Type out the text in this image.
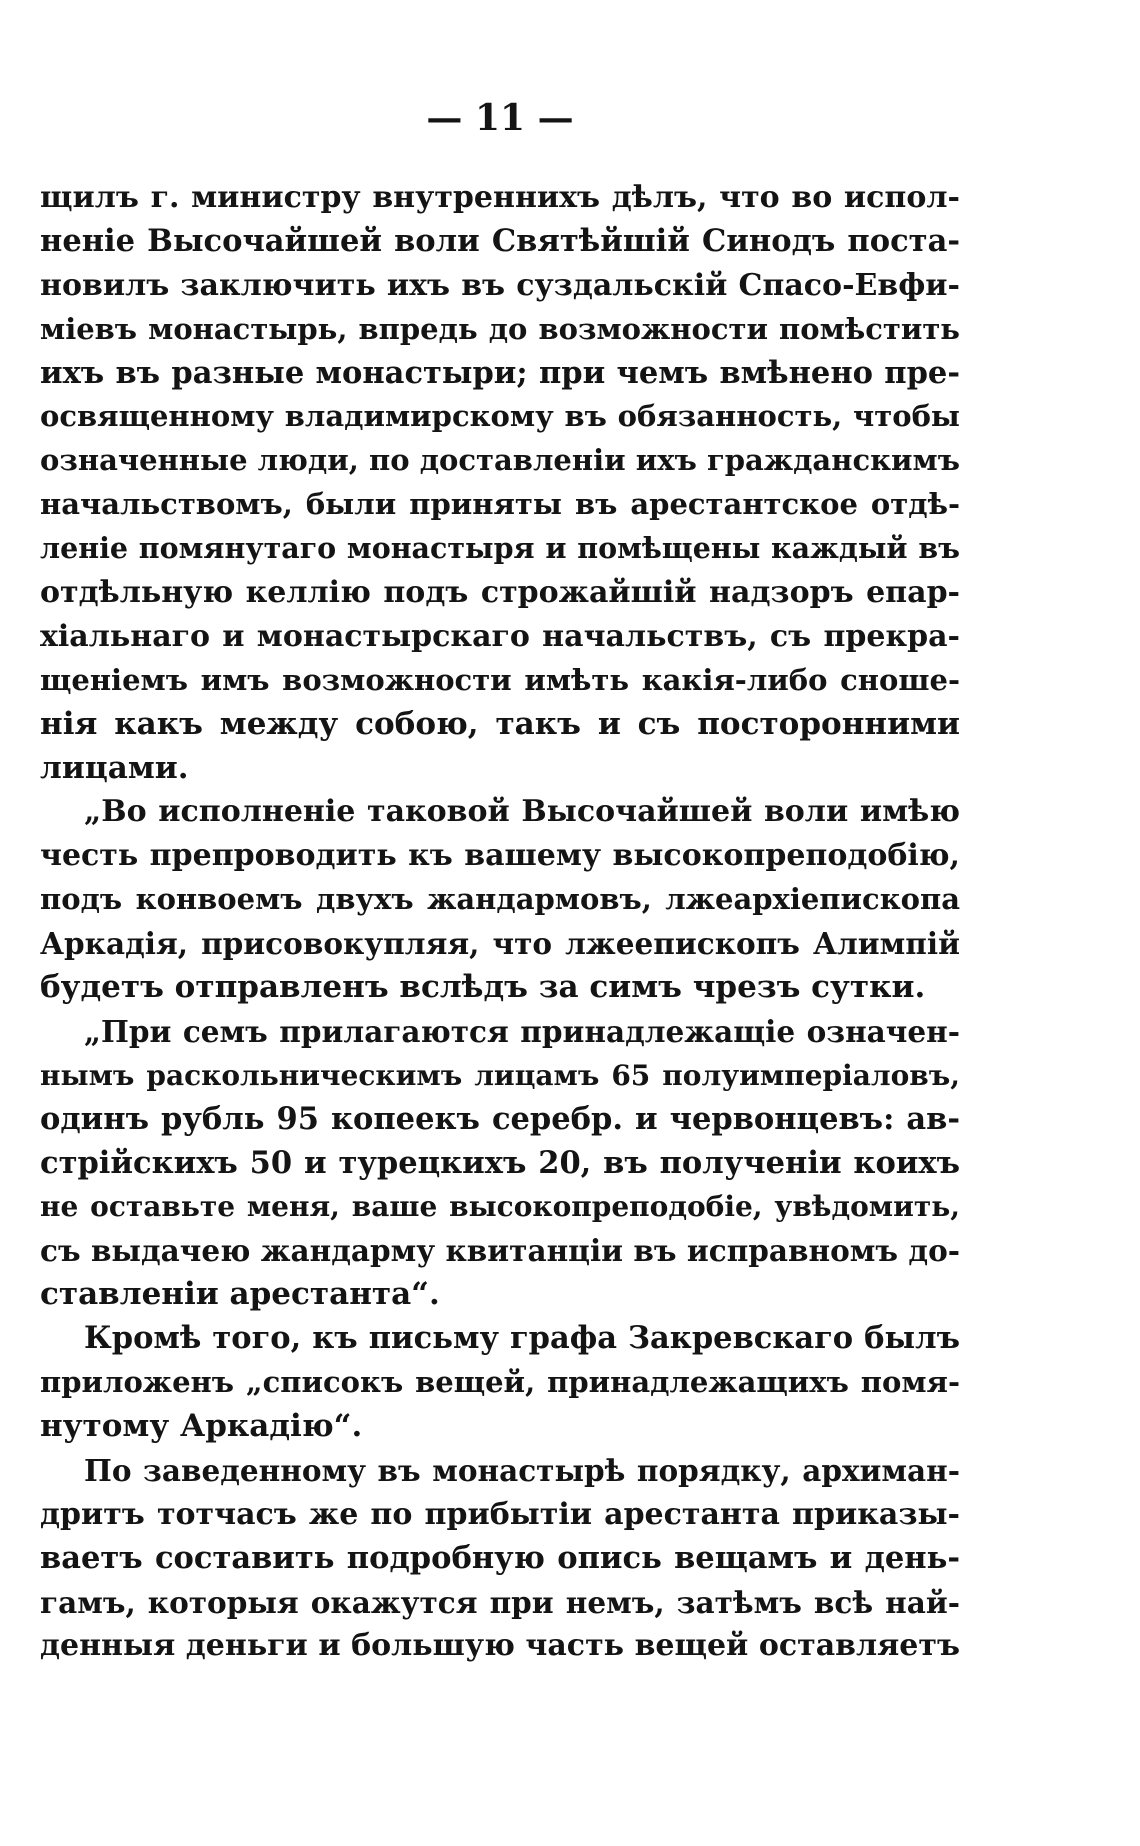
— 11 —
щилъ г. министру внутреннихъ дѣлъ, что во испол-
неніе Высочайшей воли Святѣйшій Синодъ поста-
новилъ заключить ихъ въ суздальскій Спасо-Евфи-
міевъ монастырь, впредь до возможности помѣстить
ихъ въ разные монастыри; при чемъ вмѣнено пре-
освященному владимирскому въ обязанность, чтобы
означенные люди, по доставленіи ихъ гражданскимъ
начальствомъ, были приняты въ арестантское отдѣ-
леніе помянутаго монастыря и помѣщены каждый въ
отдѣльную келлію подъ строжайшій надзоръ епар-
хіальнаго и монастырскаго начальствъ, съ прекра-
щеніемъ имъ возможности имѣть какія-либо сноше-
нія какъ между собою, такъ и съ посторонними
лицами.
„Во исполненіе таковой Высочайшей воли имѣю
честь препроводить къ вашему высокопреподобію,
подъ конвоемъ двухъ жандармовъ, лжеархіепископа
Аркадія, присовокупляя, что лжеепископъ Алимпій
будетъ отправленъ вслѣдъ за симъ чрезъ сутки.
„При семъ прилагаются принадлежащіе означен-
нымъ раскольническимъ лицамъ 65 полуимперіаловъ,
одинъ рубль 95 копеекъ серебр. и червонцевъ: ав-
стрійскихъ 50 и турецкихъ 20, въ полученіи коихъ
не оставьте меня, ваше высокопреподобіе, увѣдомить,
съ выдачею жандарму квитанціи въ исправномъ до-
ставленіи арестанта“.
Кромѣ того, къ письму графа Закревскаго былъ
приложенъ „списокъ вещей, принадлежащихъ помя-
нутому Аркадію“.
По заведенному въ монастырѣ порядку, архиман-
дритъ тотчасъ же по прибытіи арестанта приказы-
ваетъ составить подробную опись вещамъ и день-
гамъ, которыя окажутся при немъ, затѣмъ всѣ най-
денныя деньги и большую часть вещей оставляетъ
